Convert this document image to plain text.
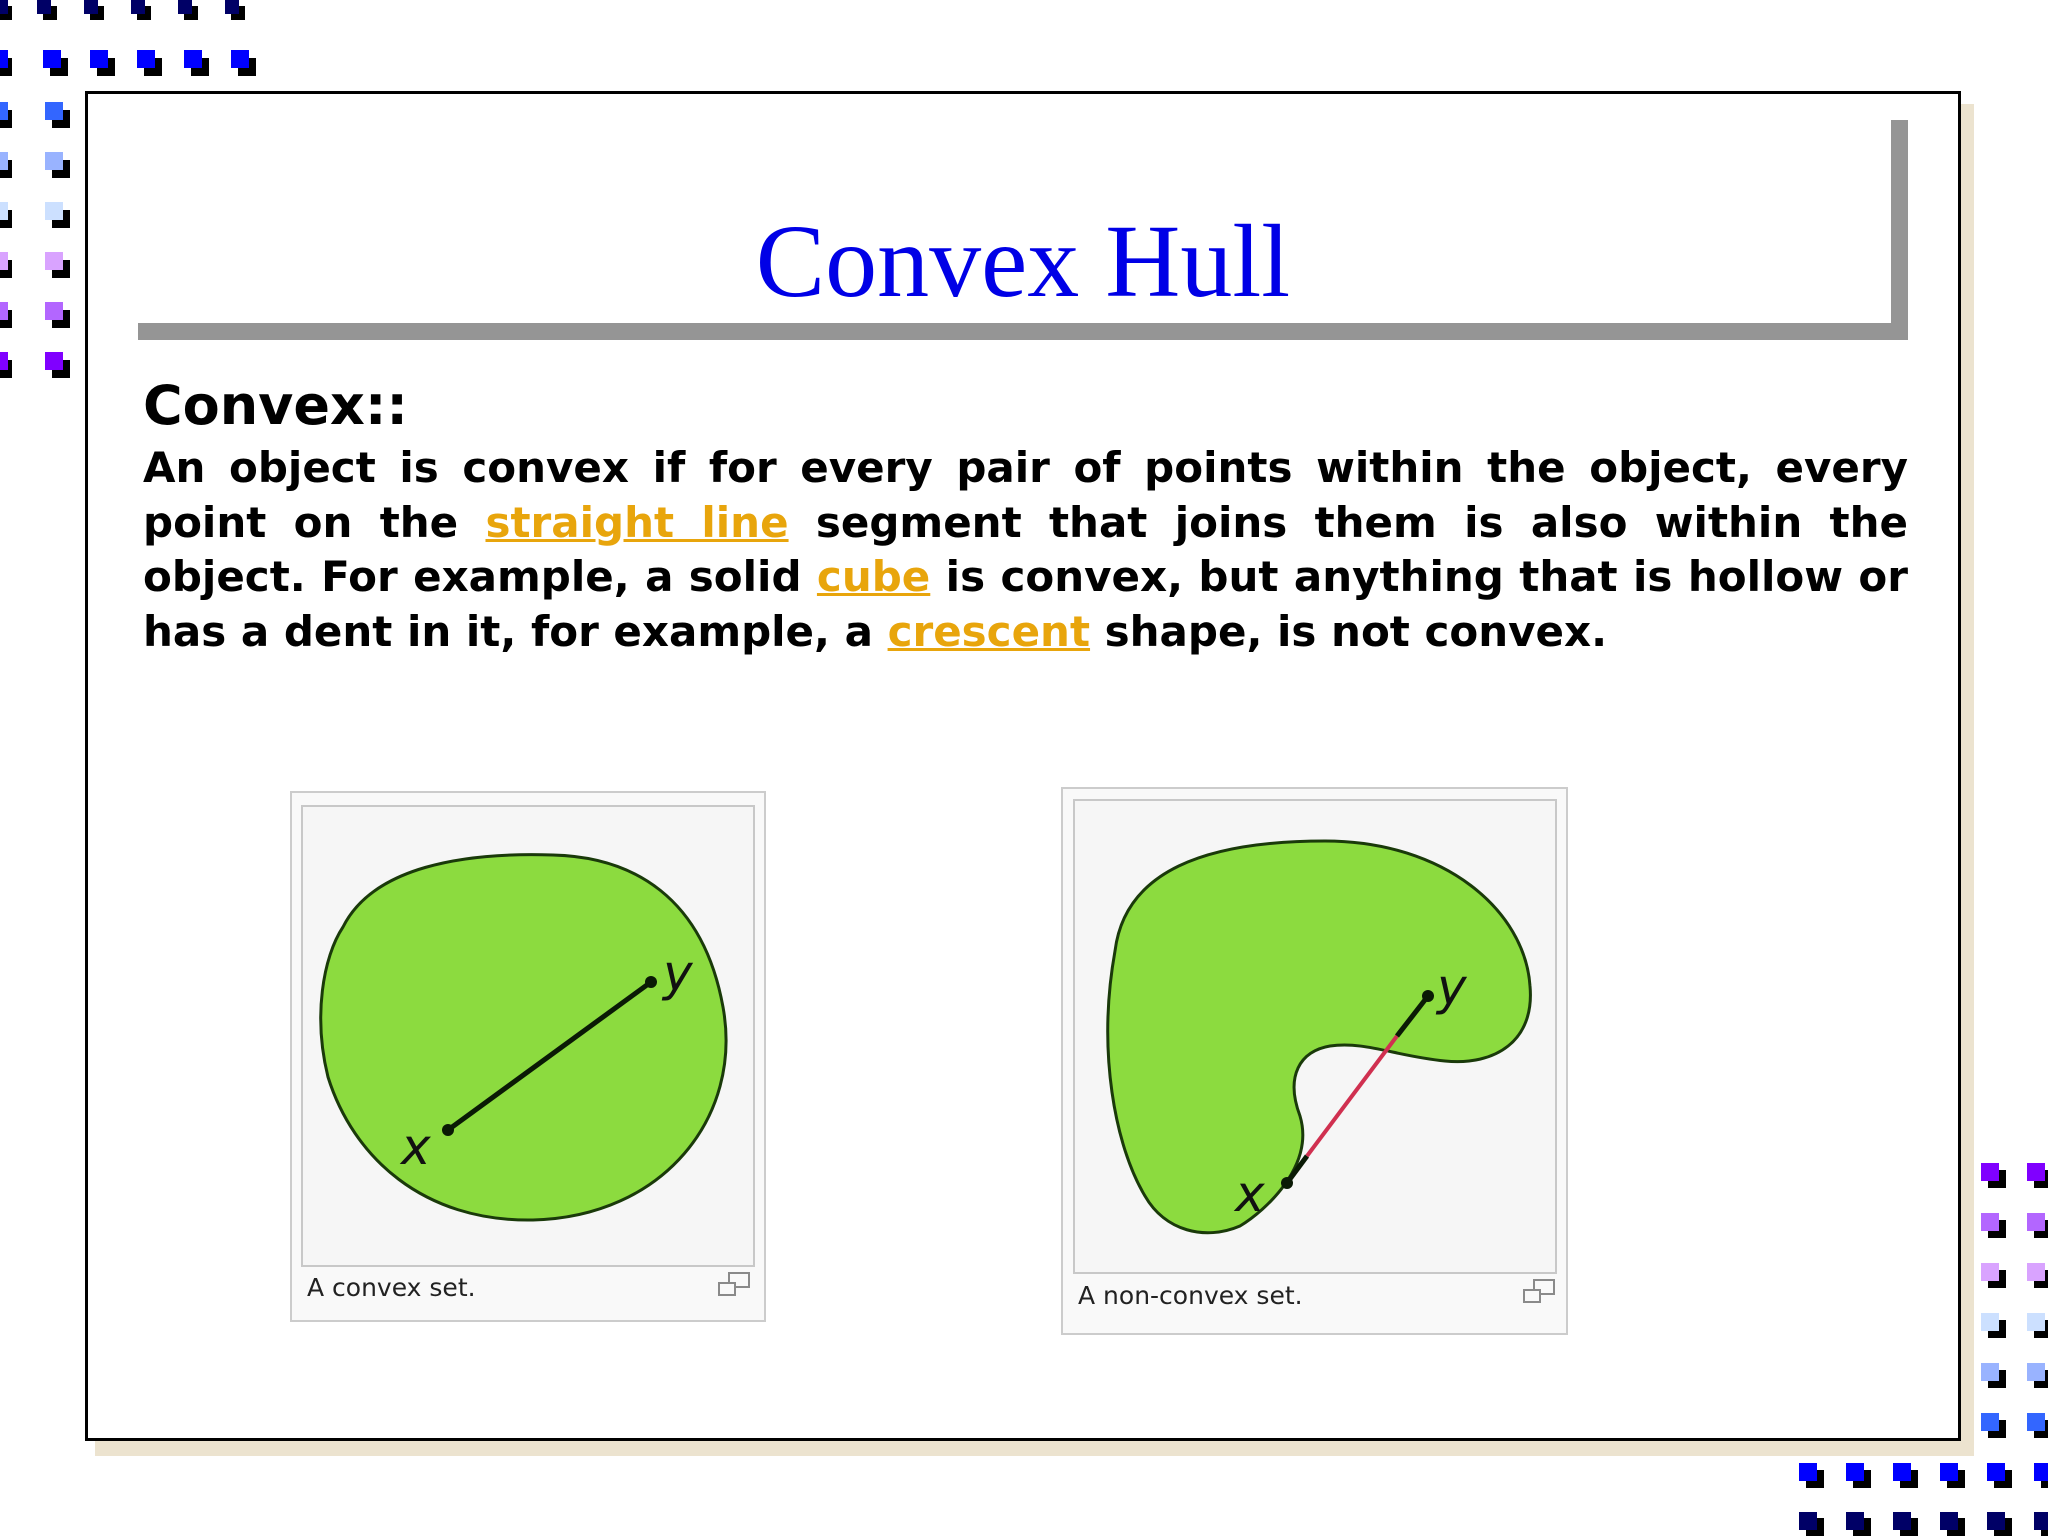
Convex Hull
Convex::

An object is convex if for every pair of points within the object, every point on the straight line segment that joins them is also within the object. For example, a solid cube is convex, but anything that is hollow or has a dent in it, for example, a crescent shape, is not convex.

x
y
A convex set.
x
y
A non-convex set.
